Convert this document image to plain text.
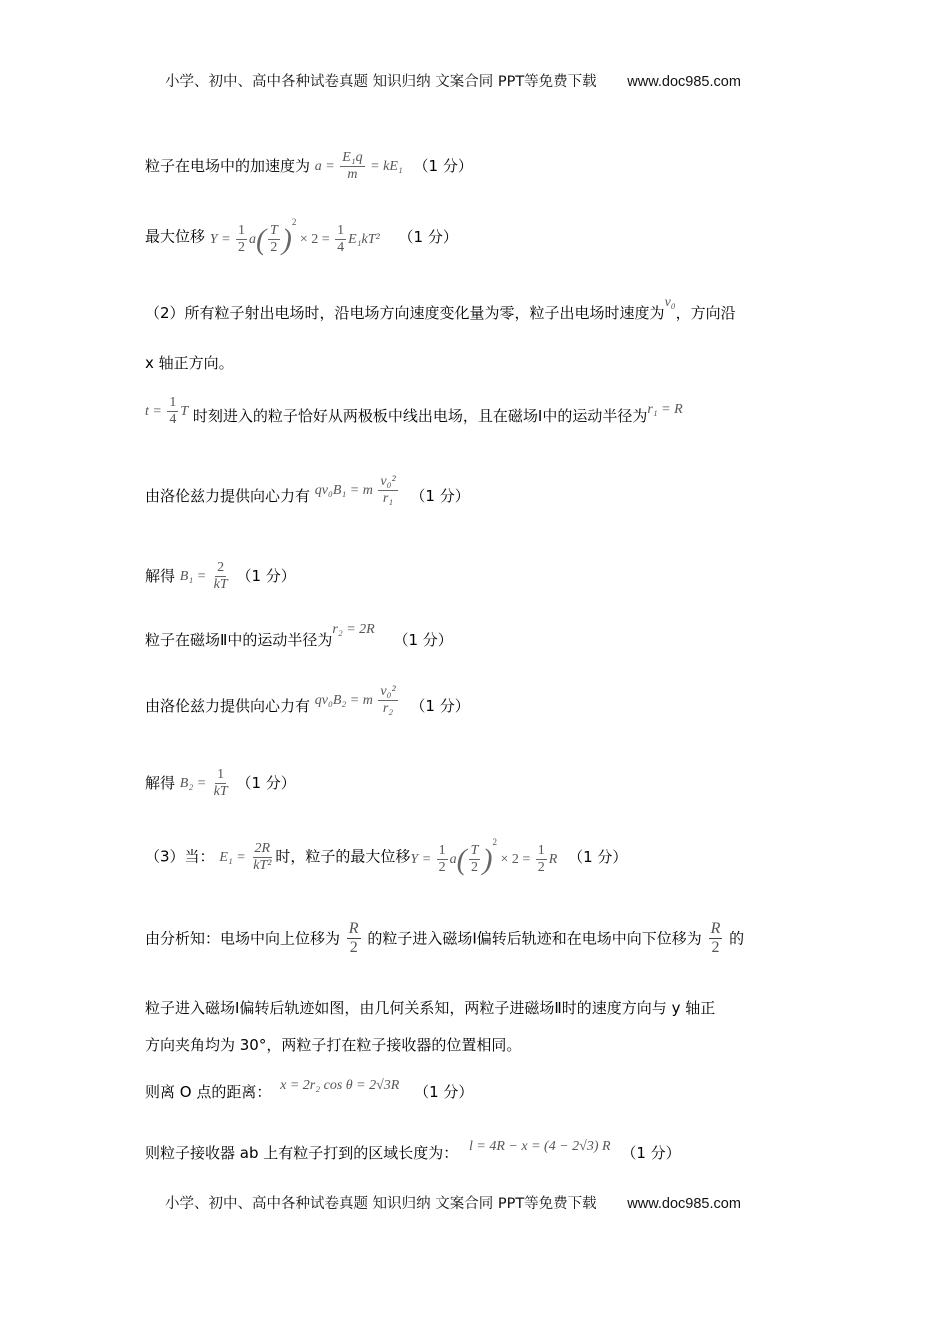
小学、初中、高中各种试卷真题 知识归纳 文案合同 PPT等免费下载 www.doc985.com
粒子在电场中的加速度为 $a = \frac{\text{E₁q}}{m} = kE_1$ （1 分）
最大位移 $Y = \frac{1}{2} a( \frac{T}{2} )^2 \times 2 = \frac{1}{4} E_1kT^2$ （1 分）
（2）所有粒子射出电场时，沿电场方向速度变化量为零，粒子出电场时速度为v₀，方向沿
x 轴正方向。
$t = \frac{1}{4}$ T 时刻进入的粒子恰好从两极板中线出电场，且在磁场Ⅰ中的运动半径为r₁ = R
由洛伦兹力提供向心力有 qv₀B₁ = m $\frac{\text{v₀²}}{\text{r₁}} (1$ 分）
解得 $B_1 = \frac{2}{kT} (1$ 分）
粒子在磁场Ⅱ中的运动半径为r₂ = 2R （1 分）
由洛伦兹力提供向心力有 qv₀B₂ = m $\frac{\text{v₀²}}{\text{r₂}} (1$ 分）
解得 $B_2 = \frac{1}{kT} (1$ 分）
（3）当： $E_1 = \frac{2R}{\text{kT²}}$ 时，粒子的最大位移$Y = \frac{1}{2} a( \frac{T}{2} )^2 \times 2 = \frac{1}{2}$ R （1 分）
由分析知：电场中向上位移为 $\frac{R}{2}$ 的粒子进入磁场Ⅰ偏转后轨迹和在电场中向下位移为 $\frac{R}{2}$ 的
粒子进入磁场Ⅰ偏转后轨迹如图，由几何关系知，两粒子进磁场Ⅱ时的速度方向与 y 轴正
方向夹角均为 30°，两粒子打在粒子接收器的位置相同。
则离 O 点的距离： x = 2r₂ cos θ = 2√3R （1 分）
则粒子接收器 ab 上有粒子打到的区域长度为： l = 4R − x = (4 − 2√3) R （1 分）
小学、初中、高中各种试卷真题 知识归纳 文案合同 PPT等免费下载 www.doc985.com
